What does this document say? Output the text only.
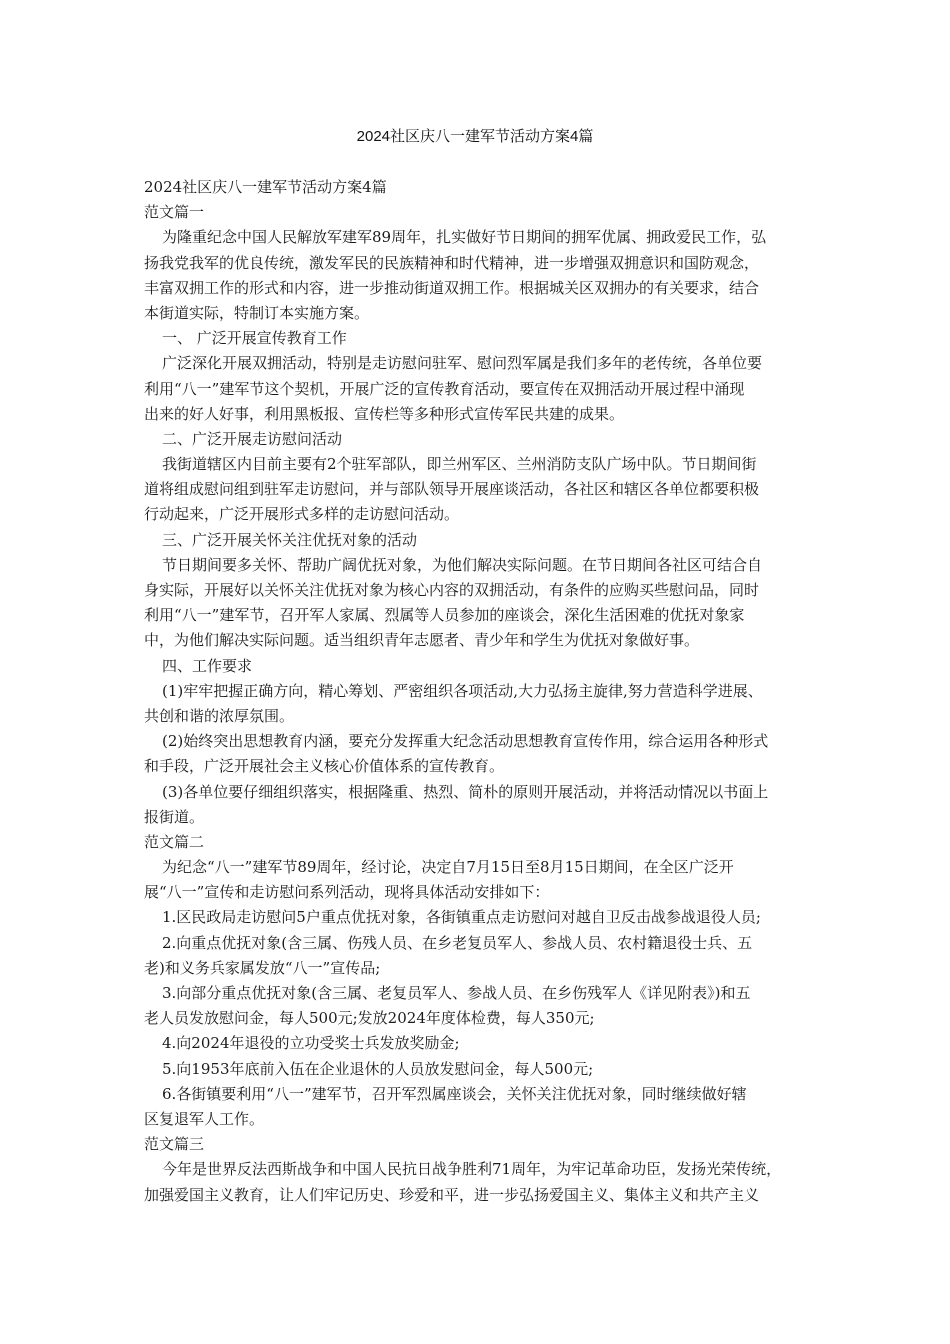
2024社区庆八一建军节活动方案4篇
2024社区庆八一建军节活动方案4篇
范文篇一
为隆重纪念中国人民解放军建军89周年，扎实做好节日期间的拥军优属、拥政爱民工作，弘
扬我党我军的优良传统，激发军民的民族精神和时代精神，进一步增强双拥意识和国防观念，
丰富双拥工作的形式和内容，进一步推动街道双拥工作。根据城关区双拥办的有关要求，结合
本街道实际，特制订本实施方案。
一、 广泛开展宣传教育工作
广泛深化开展双拥活动，特别是走访慰问驻军、慰问烈军属是我们多年的老传统，各单位要
利用“八一”建军节这个契机，开展广泛的宣传教育活动，要宣传在双拥活动开展过程中涌现
出来的好人好事，利用黑板报、宣传栏等多种形式宣传军民共建的成果。
二、广泛开展走访慰问活动
我街道辖区内目前主要有2个驻军部队，即兰州军区、兰州消防支队广场中队。节日期间街
道将组成慰问组到驻军走访慰问，并与部队领导开展座谈活动，各社区和辖区各单位都要积极
行动起来，广泛开展形式多样的走访慰问活动。
三、广泛开展关怀关注优抚对象的活动
节日期间要多关怀、帮助广阔优抚对象，为他们解决实际问题。在节日期间各社区可结合自
身实际，开展好以关怀关注优抚对象为核心内容的双拥活动，有条件的应购买些慰问品，同时
利用“八一”建军节，召开军人家属、烈属等人员参加的座谈会，深化生活困难的优抚对象家
中，为他们解决实际问题。适当组织青年志愿者、青少年和学生为优抚对象做好事。
四、工作要求
(1)牢牢把握正确方向，精心筹划、严密组织各项活动,大力弘扬主旋律,努力营造科学进展、
共创和谐的浓厚氛围。
(2)始终突出思想教育内涵，要充分发挥重大纪念活动思想教育宣传作用，综合运用各种形式
和手段，广泛开展社会主义核心价值体系的宣传教育。
(3)各单位要仔细组织落实，根据隆重、热烈、简朴的原则开展活动，并将活动情况以书面上
报街道。
范文篇二
为纪念“八一”建军节89周年，经讨论，决定自7月15日至8月15日期间，在全区广泛开
展“八一”宣传和走访慰问系列活动，现将具体活动安排如下：
1.区民政局走访慰问5户重点优抚对象，各街镇重点走访慰问对越自卫反击战参战退役人员;
2.向重点优抚对象(含三属、伤残人员、在乡老复员军人、参战人员、农村籍退役士兵、五
老)和义务兵家属发放“八一”宣传品;
3.向部分重点优抚对象(含三属、老复员军人、参战人员、在乡伤残军人《详见附表》)和五
老人员发放慰问金，每人500元;发放2024年度体检费，每人350元;
4.向2024年退役的立功受奖士兵发放奖励金;
5.向1953年底前入伍在企业退休的人员放发慰问金，每人500元;
6.各街镇要利用“八一”建军节，召开军烈属座谈会，关怀关注优抚对象，同时继续做好辖
区复退军人工作。
范文篇三
今年是世界反法西斯战争和中国人民抗日战争胜利71周年，为牢记革命功臣，发扬光荣传统，
加强爱国主义教育，让人们牢记历史、珍爱和平，进一步弘扬爱国主义、集体主义和共产主义
